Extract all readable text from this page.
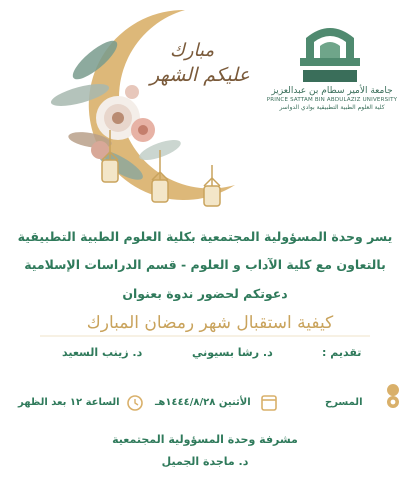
مبارك
عليكم الشهر
جامعة الأمير سطام بن عبدالعزيز
PRINCE SATTAM BIN ABDULAZIZ UNIVERSITY
كلية العلوم الطبية التطبيقية بوادي الدواسر
يسر وحدة المسؤولية المجتمعية بكلية العلوم الطبية التطبيقية
بالتعاون مع كلية الآداب و العلوم - قسم الدراسات الإسلامية
دعوتكم لحضور ندوة بعنوان
كيفية استقبال شهر رمضان المبارك
تقديم :
د. رشا بسيوني
د. زينب السعيد
المسرح
الأثنين ١٤٤٤/٨/٢٨هـ
الساعة ١٢ بعد الظهر
مشرفة وحدة المسؤولية المجتمعية
د. ماجدة الجميل
